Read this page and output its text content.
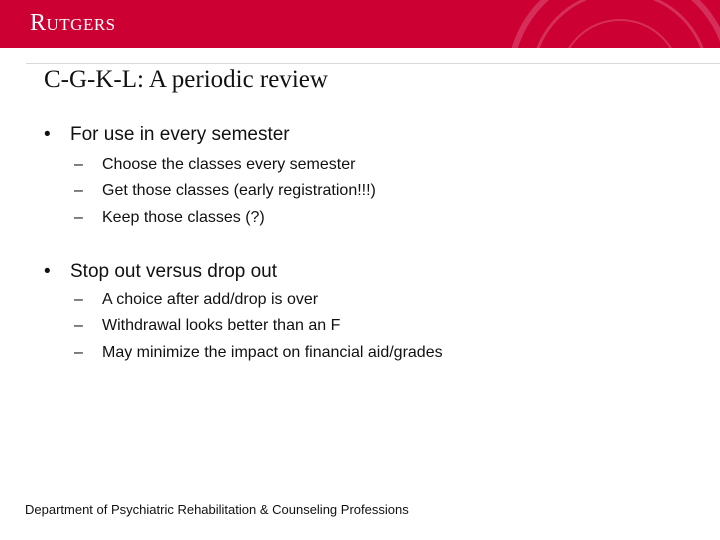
Rutgers
C-G-K-L: A periodic review
• For use in every semester
– Choose the classes every semester
– Get those classes (early registration!!!)
– Keep those classes (?)
• Stop out versus drop out
– A choice after add/drop is over
– Withdrawal looks better than an F
– May minimize the impact on financial aid/grades
Department of Psychiatric Rehabilitation & Counseling Professions
